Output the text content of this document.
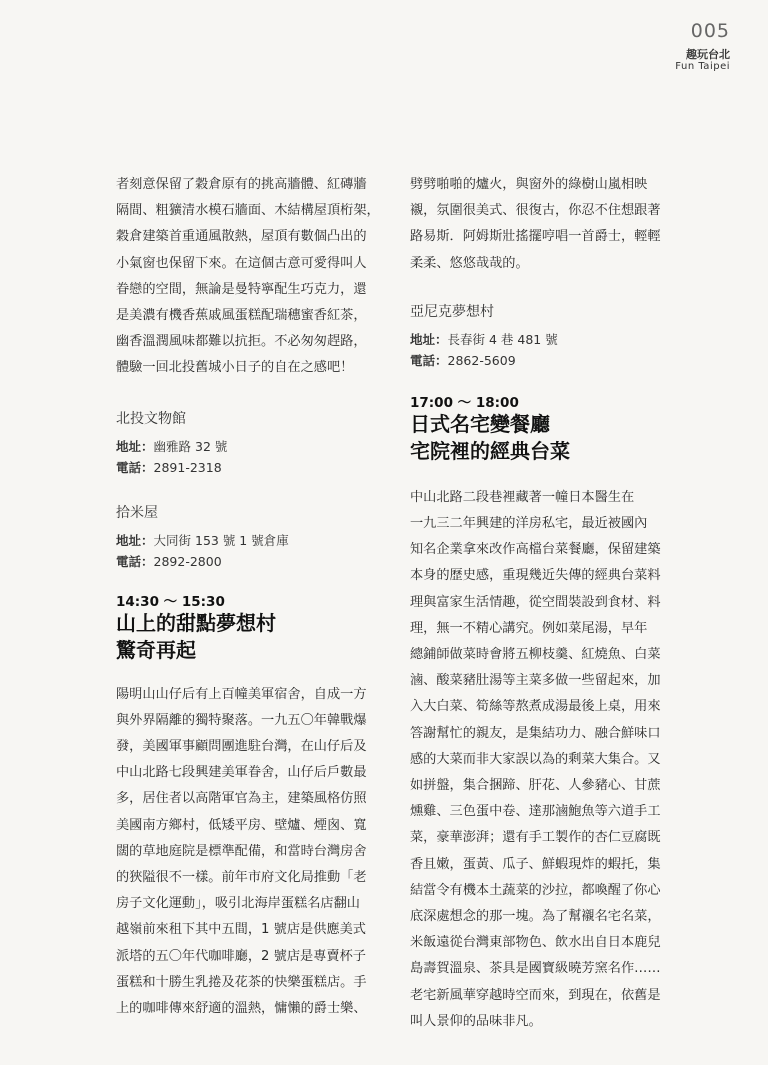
005
趣玩台北
Fun Taipei

者刻意保留了穀倉原有的挑高牆體、紅磚牆
隔間、粗獷清水模石牆面、木結構屋頂桁架，
穀倉建築首重通風散熱，屋頂有數個凸出的
小氣窗也保留下來。在這個古意可愛得叫人
眷戀的空間，無論是曼特寧配生巧克力，還
是美濃有機香蕉戚風蛋糕配瑞穗蜜香紅茶，
幽香溫潤風味都難以抗拒。不必匆匆趕路，
體驗一回北投舊城小日子的自在之感吧！

北投文物館
地址：幽雅路 32 號
電話：2891-2318
拾米屋
地址：大同街 153 號 1 號倉庫
電話：2892-2800
14:30 ～ 15:30
山上的甜點夢想村
驚奇再起

陽明山山仔后有上百幢美軍宿舍，自成一方
與外界隔離的獨特聚落。一九五〇年韓戰爆
發，美國軍事顧問團進駐台灣，在山仔后及
中山北路七段興建美軍眷舍，山仔后戶數最
多，居住者以高階軍官為主，建築風格仿照
美國南方鄉村，低矮平房、壁爐、煙囪、寬
闊的草地庭院是標準配備，和當時台灣房舍
的狹隘很不一樣。前年市府文化局推動「老
房子文化運動」，吸引北海岸蛋糕名店翻山
越嶺前來租下其中五間，1 號店是供應美式
派塔的五〇年代咖啡廳，2 號店是專賣杯子
蛋糕和十勝生乳捲及花茶的快樂蛋糕店。手
上的咖啡傳來舒適的溫熱，慵懶的爵士樂、

劈劈啪啪的爐火，與窗外的綠樹山嵐相映
襯，氛圍很美式、很復古，你忍不住想跟著
路易斯．阿姆斯壯搖擺哼唱一首爵士，輕輕
柔柔、悠悠哉哉的。

亞尼克夢想村
地址：長春街 4 巷 481 號
電話：2862-5609
17:00 ～ 18:00
日式名宅變餐廳
宅院裡的經典台菜

中山北路二段巷裡藏著一幢日本醫生在
一九三二年興建的洋房私宅，最近被國內
知名企業拿來改作高檔台菜餐廳，保留建築
本身的歷史感，重現幾近失傳的經典台菜料
理與富家生活情趣，從空間裝設到食材、料
理，無一不精心講究。例如菜尾湯，早年
總鋪師做菜時會將五柳枝羹、紅燒魚、白菜
滷、酸菜豬肚湯等主菜多做一些留起來，加
入大白菜、筍絲等熬煮成湯最後上桌，用來
答謝幫忙的親友，是集結功力、融合鮮味口
感的大菜而非大家誤以為的剩菜大集合。又
如拼盤，集合捆蹄、肝花、人參豬心、甘蔗
燻雞、三色蛋中卷、達那滷鮑魚等六道手工
菜，豪華澎湃；還有手工製作的杏仁豆腐既
香且嫩，蛋黃、瓜子、鮮蝦現炸的蝦托，集
結當令有機本土蔬菜的沙拉，都喚醒了你心
底深處想念的那一塊。為了幫襯名宅名菜，
米飯遠從台灣東部物色、飲水出自日本鹿兒
島壽賀溫泉、茶具是國寶級曉芳窯名作……
老宅新風華穿越時空而來，到現在，依舊是
叫人景仰的品味非凡。
